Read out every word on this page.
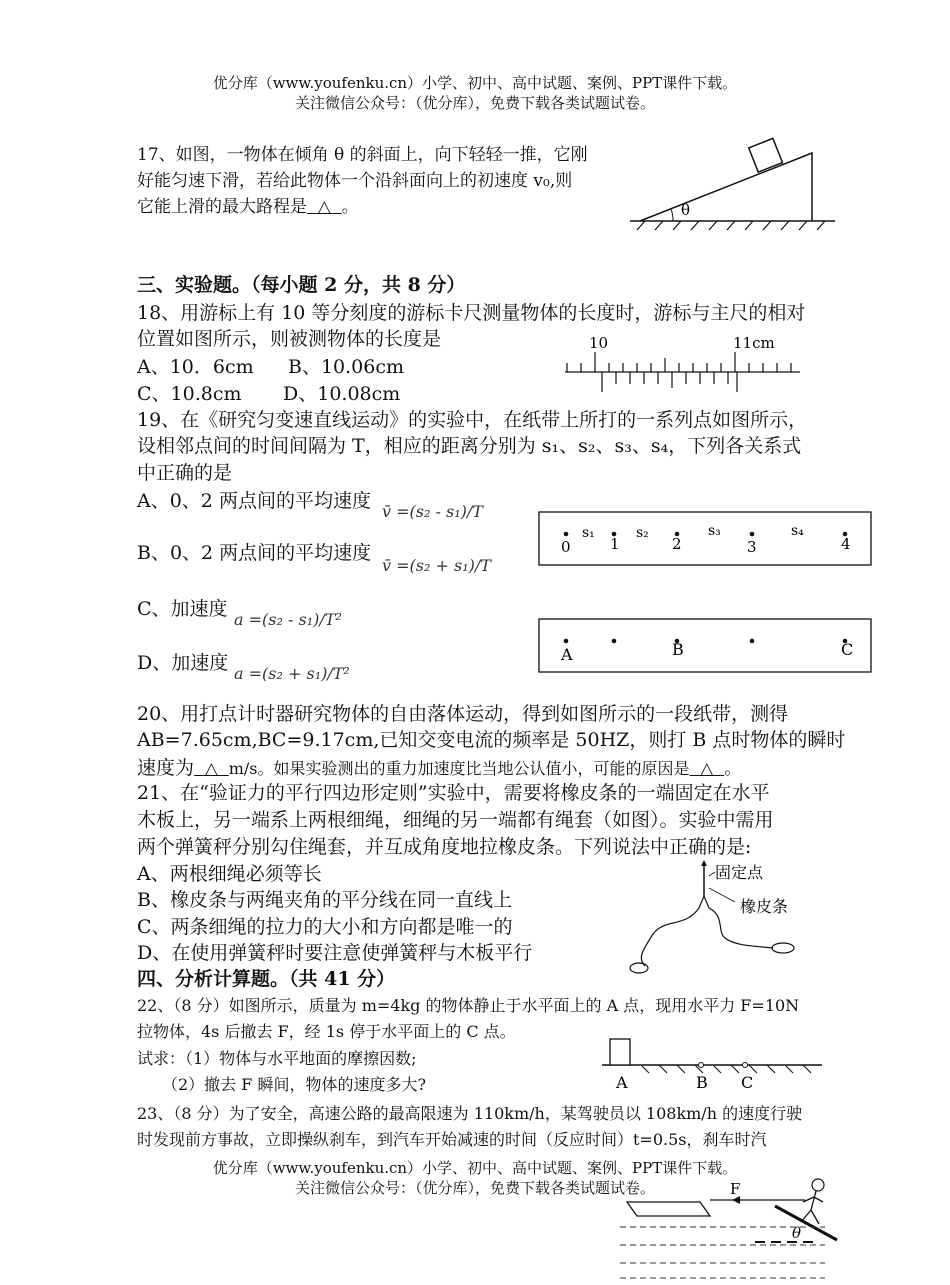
优分库（www.youfenku.cn）小学、初中、高中试题、案例、PPT课件下载。
关注微信公众号：（优分库），免费下载各类试题试卷。
17、如图，一物体在倾角 θ 的斜面上，向下轻轻一推，它刚
好能匀速下滑，若给此物体一个沿斜面向上的初速度 v₀,则
它能上滑的最大路程是  △  。	θ
三、实验题。（每小题 2 分，共 8 分）
18、用游标上有 10 等分刻度的游标卡尺测量物体的长度时，游标与主尺的相对
位置如图所示，则被测物体的长度是
A、10．6cm B、10.06cm
C、10.8cm D、10.08cm
10	11cm
19、在《研究匀变速直线运动》的实验中，在纸带上所打的一系列点如图所示，
设相邻点间的时间间隔为 T，相应的距离分别为 s₁、s₂、s₃、s₄，下列各关系式
中正确的是
A、0、2 两点间的平均速度 v̄ =(s₂ - s₁)/T
B、0、2 两点间的平均速度
v̄ =(s₂ + s₁)/T
C、加速度 a =(s₂ - s₁)/T²
D、加速度 a =(s₂ + s₁)/T²
0	1	2	3	4
s₁	s₂	s₃	s₄
A	B	C
20、用打点计时器研究物体的自由落体运动，得到如图所示的一段纸带，测得
AB=7.65cm,BC=9.17cm,已知交变电流的频率是 50HZ，则打 B 点时物体的瞬时
速度为  △  m/s。如果实验测出的重力加速度比当地公认值小，可能的原因是  △  。
21、在“验证力的平行四边形定则”实验中，需要将橡皮条的一端固定在水平
木板上，另一端系上两根细绳，细绳的另一端都有绳套（如图）。实验中需用
两个弹簧秤分别勾住绳套，并互成角度地拉橡皮条。下列说法中正确的是:
A、两根细绳必须等长
B、橡皮条与两绳夹角的平分线在同一直线上
C、两条细绳的拉力的大小和方向都是唯一的
D、在使用弹簧秤时要注意使弹簧秤与木板平行
固定点
橡皮条
四、分析计算题。（共 41 分）
22、（8 分）如图所示，质量为 m=4kg 的物体静止于水平面上的 A 点，现用水平力 F=10N
拉物体，4s 后撤去 F，经 1s 停于水平面上的 C 点。
试求：（1）物体与水平地面的摩擦因数;
（2）撤去 F 瞬间，物体的速度多大?	A	B C
23、（8 分）为了安全，高速公路的最高限速为 110km/h，某驾驶员以 108km/h 的速度行驶
时发现前方事故，立即操纵刹车，到汽车开始减速的时间（反应时间）t=0.5s，刹车时汽
F
θ
优分库（www.youfenku.cn）小学、初中、高中试题、案例、PPT课件下载。
关注微信公众号：（优分库），免费下载各类试题试卷。
